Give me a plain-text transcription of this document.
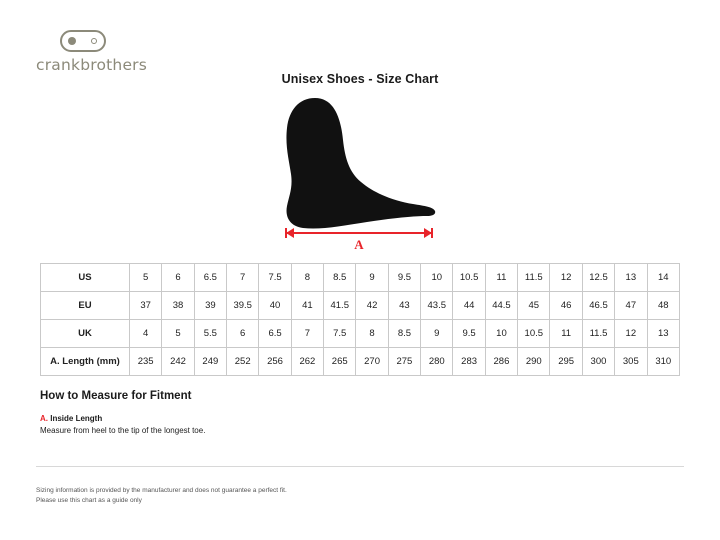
crankbrothers
Unisex Shoes - Size Chart
A
US	5	6	6.5	7	7.5	8	8.5	9	9.5	10	10.5	11	11.5	12	12.5	13	14
EU	37	38	39	39.5	40	41	41.5	42	43	43.5	44	44.5	45	46	46.5	47	48
UK	4	5	5.5	6	6.5	7	7.5	8	8.5	9	9.5	10	10.5	11	11.5	12	13
A. Length (mm)	235	242	249	252	256	262	265	270	275	280	283	286	290	295	300	305	310
How to Measure for Fitment
A. Inside Length
Measure from heel to the tip of the longest toe.
Sizing information is provided by the manufacturer and does not guarantee a perfect fit.
Please use this chart as a guide only
